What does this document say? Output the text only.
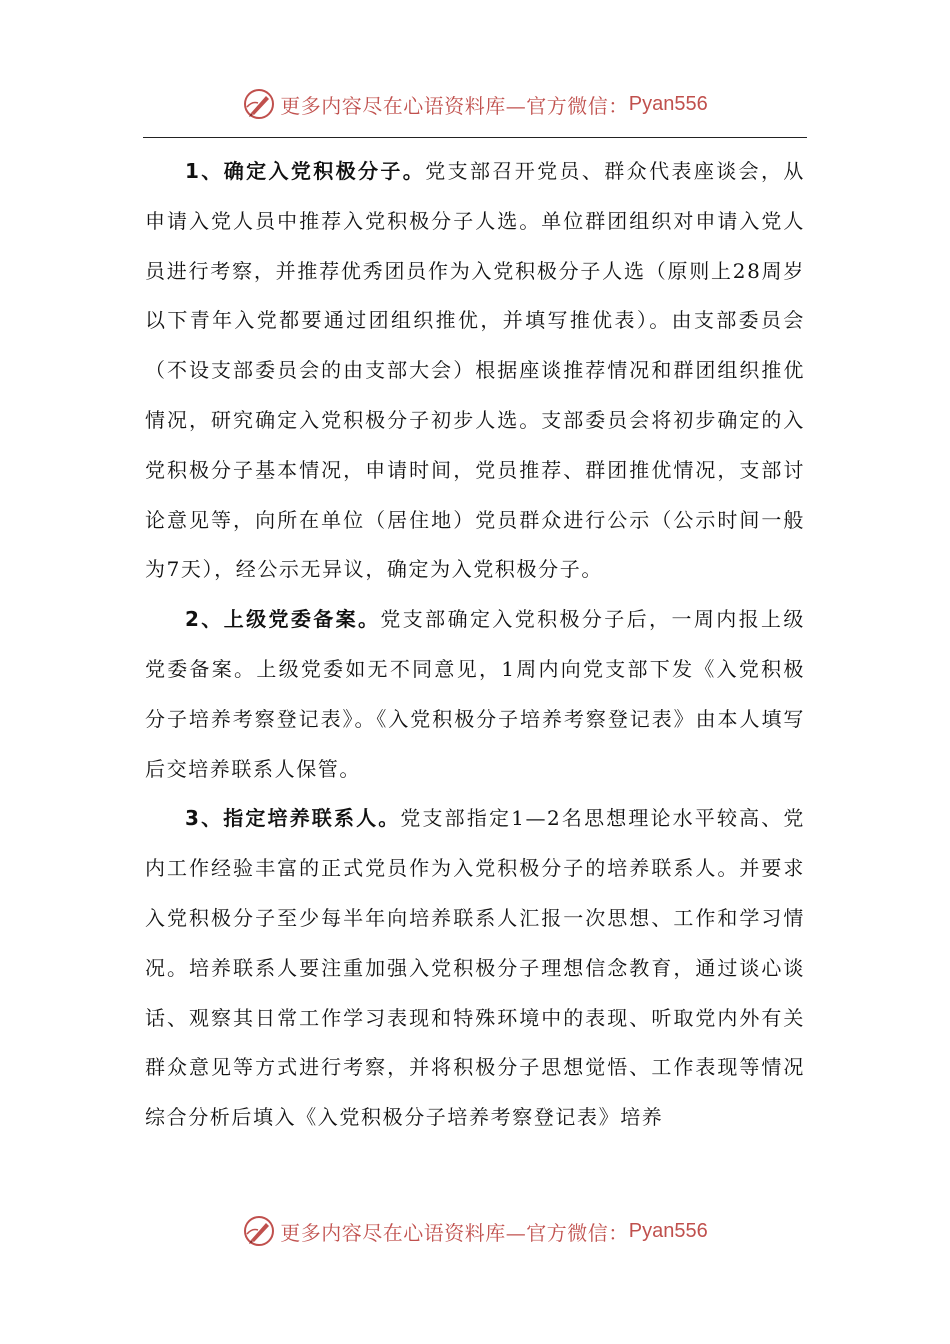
更多内容尽在心语资料库—官方微信： Pyan556

1、确定入党积极分子。党支部召开党员、群众代表座谈会，从申请入党人员中推荐入党积极分子人选。单位群团组织对申请入党人员进行考察，并推荐优秀团员作为入党积极分子人选（原则上28周岁以下青年入党都要通过团组织推优，并填写推优表）。由支部委员会（不设支部委员会的由支部大会）根据座谈推荐情况和群团组织推优情况，研究确定入党积极分子初步人选。支部委员会将初步确定的入党积极分子基本情况，申请时间，党员推荐、群团推优情况，支部讨论意见等，向所在单位（居住地）党员群众进行公示（公示时间一般为7天），经公示无异议，确定为入党积极分子。

2、上级党委备案。党支部确定入党积极分子后，一周内报上级党委备案。上级党委如无不同意见，1周内向党支部下发《入党积极分子培养考察登记表》。《入党积极分子培养考察登记表》由本人填写后交培养联系人保管。

3、指定培养联系人。党支部指定1—2名思想理论水平较高、党内工作经验丰富的正式党员作为入党积极分子的培养联系人。并要求入党积极分子至少每半年向培养联系人汇报一次思想、工作和学习情况。培养联系人要注重加强入党积极分子理想信念教育，通过谈心谈话、观察其日常工作学习表现和特殊环境中的表现、听取党内外有关群众意见等方式进行考察，并将积极分子思想觉悟、工作表现等情况综合分析后填入《入党积极分子培养考察登记表》培养

更多内容尽在心语资料库—官方微信： Pyan556
